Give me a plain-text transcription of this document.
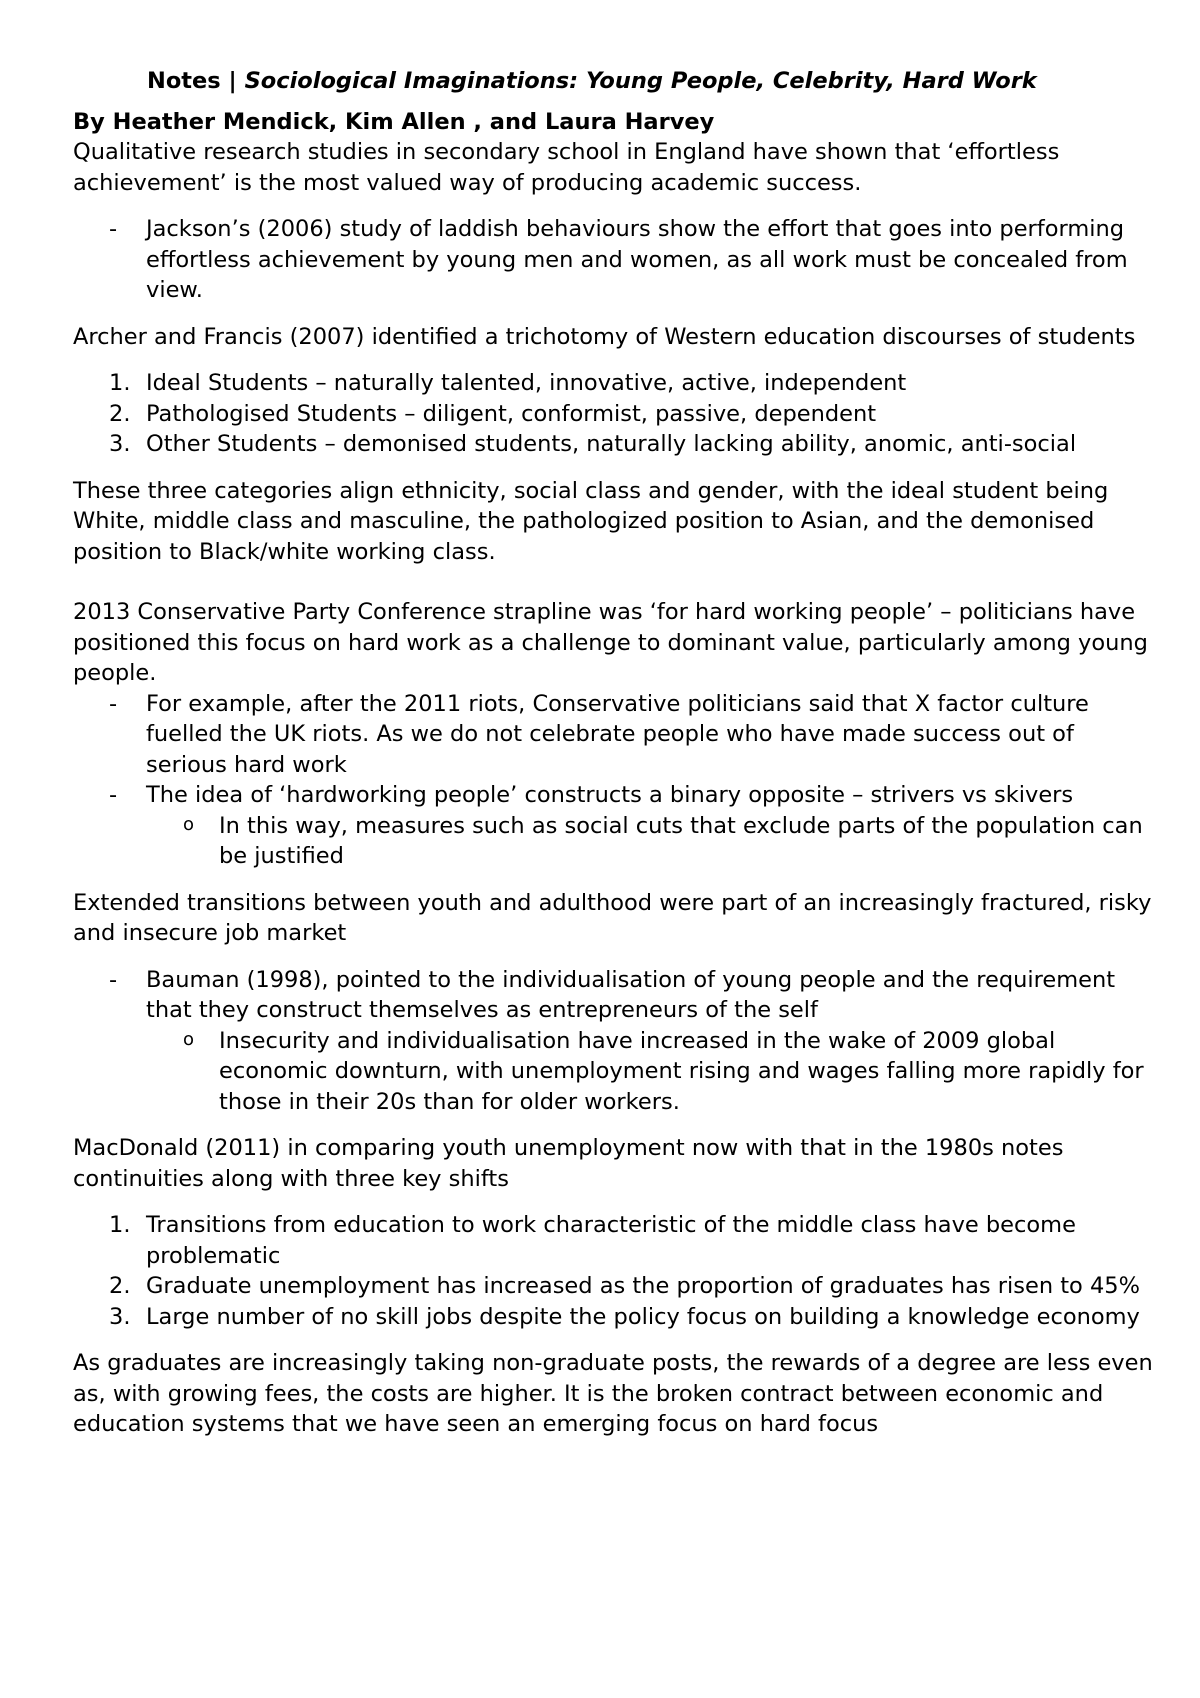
Notes | Sociological Imaginations: Young People, Celebrity, Hard Work

By Heather Mendick, Kim Allen , and Laura Harvey

Qualitative research studies in secondary school in England have shown that ‘effortless achievement’ is the most valued way of producing academic success.

- Jackson’s (2006) study of laddish behaviours show the effort that goes into performing effortless achievement by young men and women, as all work must be concealed from view.

Archer and Francis (2007) identified a trichotomy of Western education discourses of students

1. Ideal Students – naturally talented, innovative, active, independent
2. Pathologised Students – diligent, conformist, passive, dependent
3. Other Students – demonised students, naturally lacking ability, anomic, anti-social

These three categories align ethnicity, social class and gender, with the ideal student being White, middle class and masculine, the pathologized position to Asian, and the demonised position to Black/white working class.

2013 Conservative Party Conference strapline was ‘for hard working people’ – politicians have positioned this focus on hard work as a challenge to dominant value, particularly among young people.

- For example, after the 2011 riots, Conservative politicians said that X factor culture fuelled the UK riots. As we do not celebrate people who have made success out of serious hard work
- The idea of ‘hardworking people’ constructs a binary opposite – strivers vs skivers
o In this way, measures such as social cuts that exclude parts of the population can be justified

Extended transitions between youth and adulthood were part of an increasingly fractured, risky and insecure job market

- Bauman (1998), pointed to the individualisation of young people and the requirement that they construct themselves as entrepreneurs of the self
o Insecurity and individualisation have increased in the wake of 2009 global economic downturn, with unemployment rising and wages falling more rapidly for those in their 20s than for older workers.

MacDonald (2011) in comparing youth unemployment now with that in the 1980s notes continuities along with three key shifts

1. Transitions from education to work characteristic of the middle class have become problematic
2. Graduate unemployment has increased as the proportion of graduates has risen to 45%
3. Large number of no skill jobs despite the policy focus on building a knowledge economy

As graduates are increasingly taking non-graduate posts, the rewards of a degree are less even as, with growing fees, the costs are higher. It is the broken contract between economic and education systems that we have seen an emerging focus on hard focus
